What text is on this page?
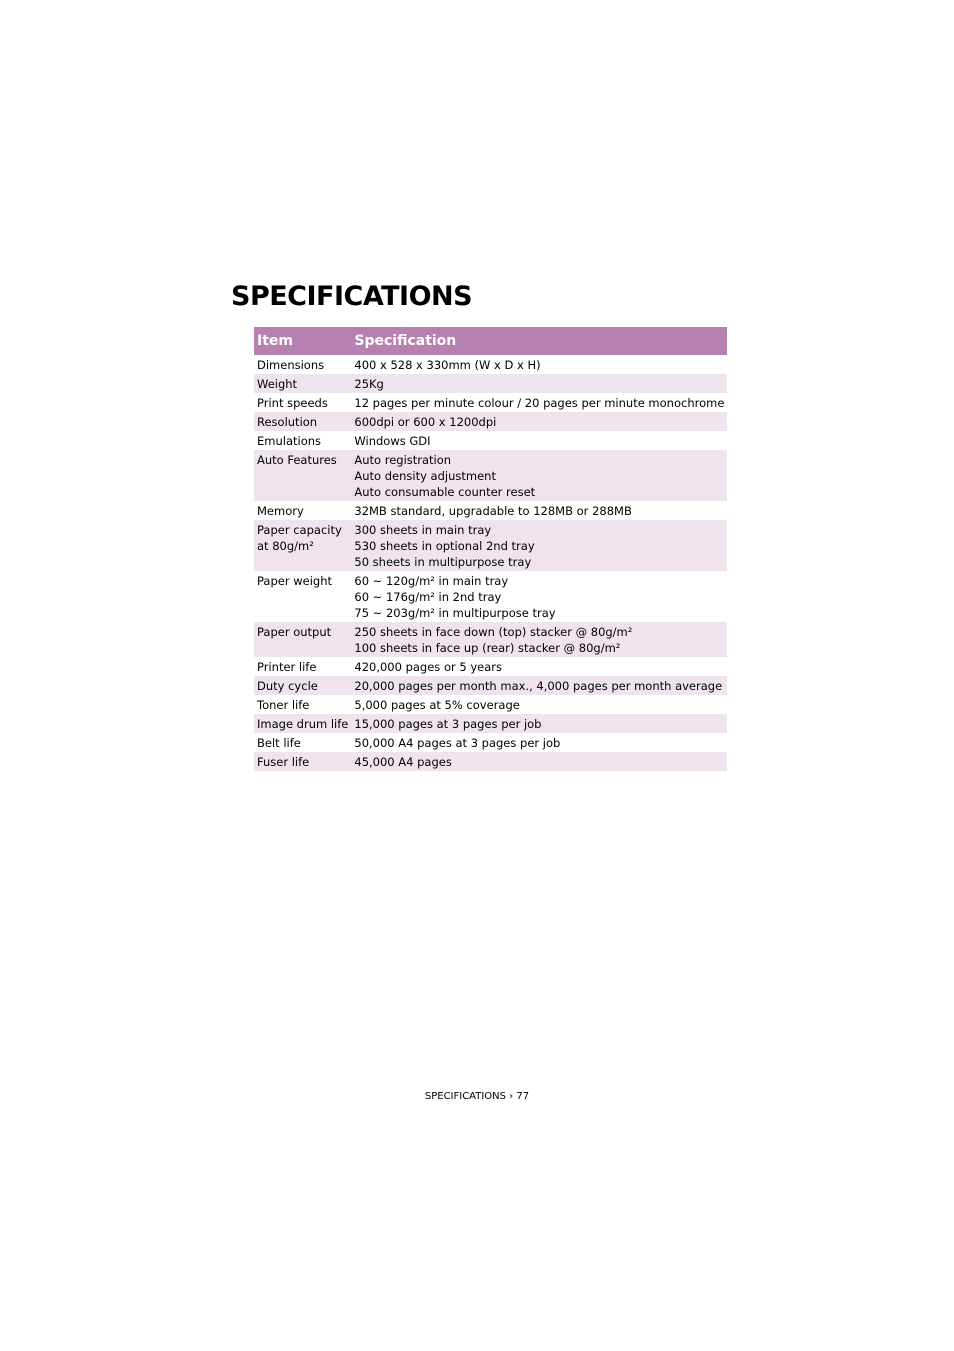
SPECIFICATIONS
Item	Specification

Dimensions	400 x 528 x 330mm (W x D x H)

Weight	25Kg

Print speeds	12 pages per minute colour / 20 pages per minute monochrome

Resolution	600dpi or 600 x 1200dpi

Emulations	Windows GDI

Auto Features	Auto registration
Auto density adjustment
Auto consumable counter reset

Memory	32MB standard, upgradable to 128MB or 288MB

Paper capacity
at 80g/m²	300 sheets in main tray
530 sheets in optional 2nd tray
50 sheets in multipurpose tray

Paper weight	60 ~ 120g/m² in main tray
60 ~ 176g/m² in 2nd tray
75 ~ 203g/m² in multipurpose tray

Paper output	250 sheets in face down (top) stacker @ 80g/m²
100 sheets in face up (rear) stacker @ 80g/m²

Printer life	420,000 pages or 5 years

Duty cycle	20,000 pages per month max., 4,000 pages per month average

Toner life	5,000 pages at 5% coverage

Image drum life	15,000 pages at 3 pages per job

Belt life	50,000 A4 pages at 3 pages per job

Fuser life	45,000 A4 pages
SPECIFICATIONS › 77
